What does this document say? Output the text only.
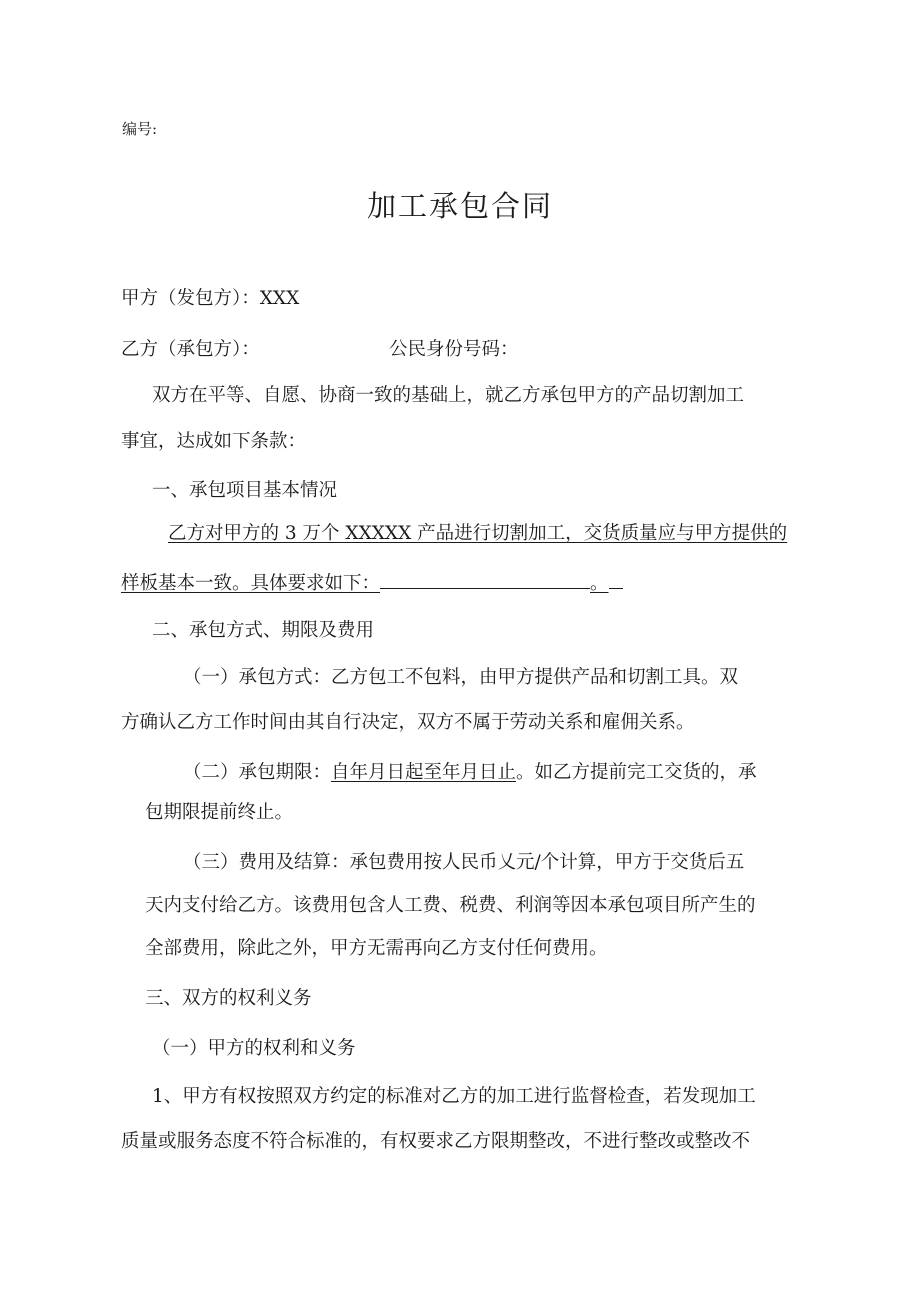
编号:
加工承包合同
甲方（发包方）：XXX
乙方（承包方）：	公民身份号码：
双方在平等、自愿、协商一致的基础上，就乙方承包甲方的产品切割加工
事宜，达成如下条款：
一、承包项目基本情况
乙方对甲方的 3 万个 XXXXX 产品进行切割加工，交货质量应与甲方提供的
样板基本一致。具体要求如下：	。
二、承包方式、期限及费用
（一）承包方式：乙方包工不包料，由甲方提供产品和切割工具。双
方确认乙方工作时间由其自行决定，双方不属于劳动关系和雇佣关系。
（二）承包期限：自年月日起至年月日止。如乙方提前完工交货的，承
包期限提前终止。
（三）费用及结算：承包费用按人民币乂元/个计算，甲方于交货后五
天内支付给乙方。该费用包含人工费、税费、利润等因本承包项目所产生的
全部费用，除此之外，甲方无需再向乙方支付任何费用。
三、双方的权利义务
（一）甲方的权利和义务
1、甲方有权按照双方约定的标准对乙方的加工进行监督检查，若发现加工
质量或服务态度不符合标准的，有权要求乙方限期整改，不进行整改或整改不
